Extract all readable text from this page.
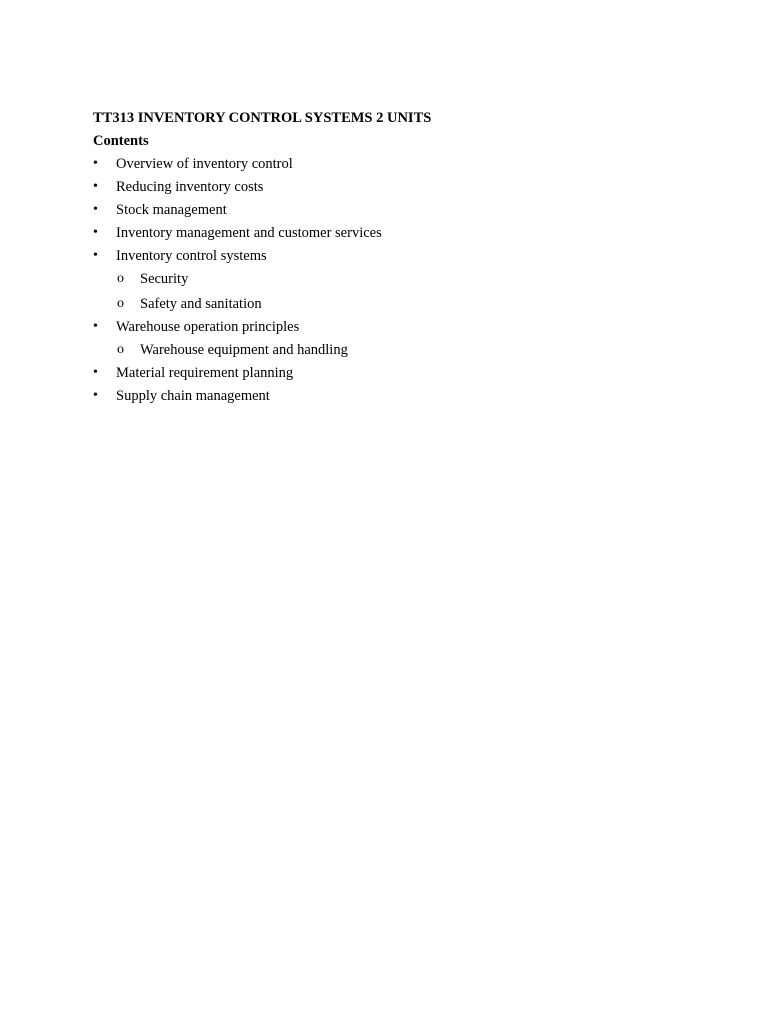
TT313 INVENTORY CONTROL SYSTEMS 2 UNITS
Contents
•	Overview of inventory control
•	Reducing inventory costs
•	Stock management
•	Inventory management and customer services
•	Inventory control systems
o Security
o Safety and sanitation
•	Warehouse operation principles
o Warehouse equipment and handling
•	Material requirement planning
•	Supply chain management
